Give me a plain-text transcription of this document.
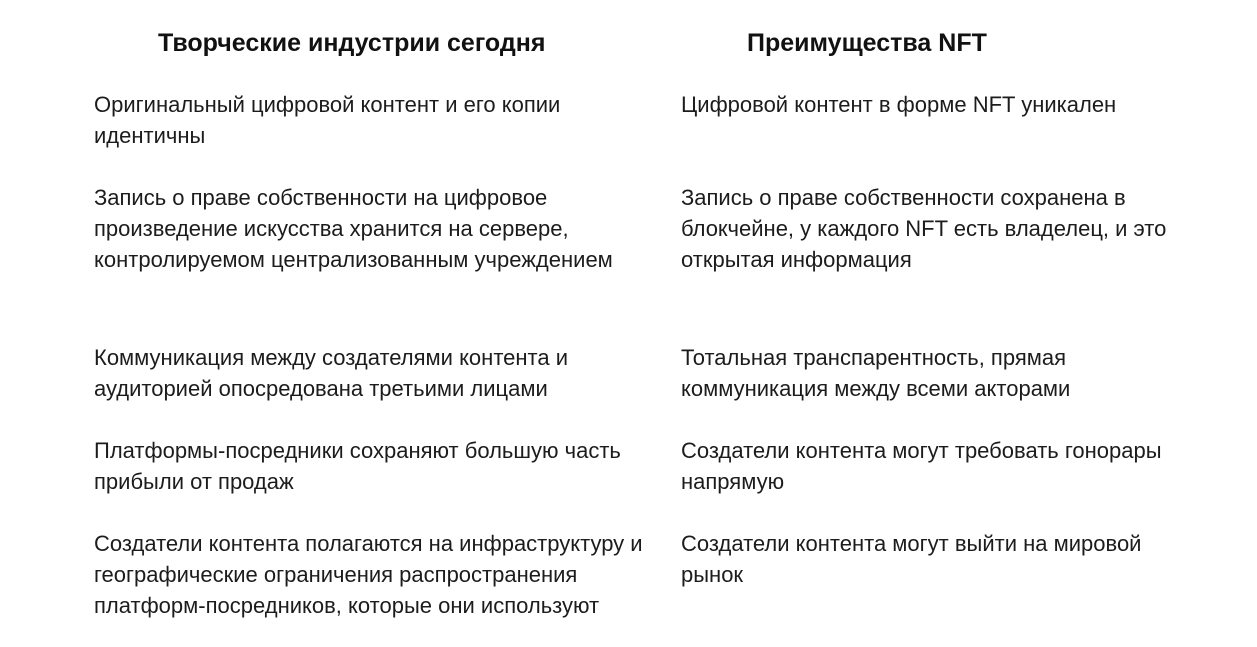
Творческие индустрии сегодня
Оригинальный цифровой контент и его копии идентичны
Запись о праве собственности на цифровое произведение искусства хранится на сервере, контролируемом централизованным учреждением
Коммуникация между создателями контента и аудиторией опосредована третьими лицами
Платформы-посредники сохраняют большую часть прибыли от продаж
Создатели контента полагаются на инфраструктуру и географические ограничения распространения платформ-посредников, которые они используют
Преимущества NFT
Цифровой контент в форме NFT уникален
Запись о праве собственности сохранена в блокчейне, у каждого NFT есть владелец, и это открытая информация
Тотальная транспарентность, прямая коммуникация между всеми акторами
Создатели контента могут требовать гонорары напрямую
Создатели контента могут выйти на мировой рынок
